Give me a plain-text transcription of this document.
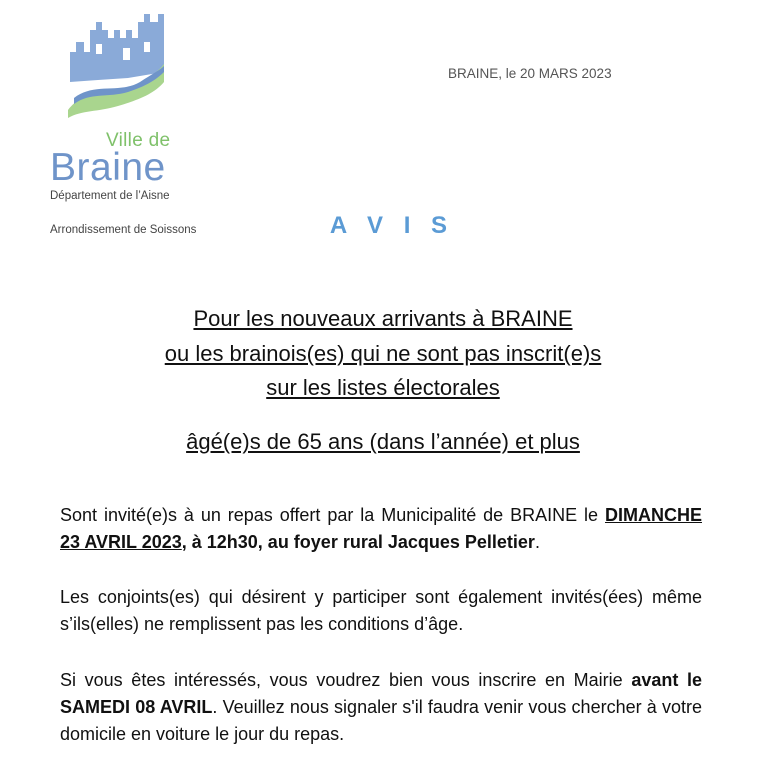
Ville de
Braine
Département de l’Aisne
Arrondissement de Soissons
BRAINE, le 20 MARS 2023
A V I S
Pour les nouveaux arrivants à BRAINE
ou les brainois(es) qui ne sont pas inscrit(e)s
sur les listes électorales
âgé(e)s de 65 ans (dans l’année) et plus

Sont invité(e)s à un repas offert par la Municipalité de BRAINE le DIMANCHE 23 AVRIL 2023, à 12h30, au foyer rural Jacques Pelletier.

Les conjoints(es) qui désirent y participer sont également invités(ées) même s’ils(elles) ne remplissent pas les conditions d’âge.

Si vous êtes intéressés, vous voudrez bien vous inscrire en Mairie avant le SAMEDI 08 AVRIL. Veuillez nous signaler s'il faudra venir vous chercher à votre domicile en voiture le jour du repas.
